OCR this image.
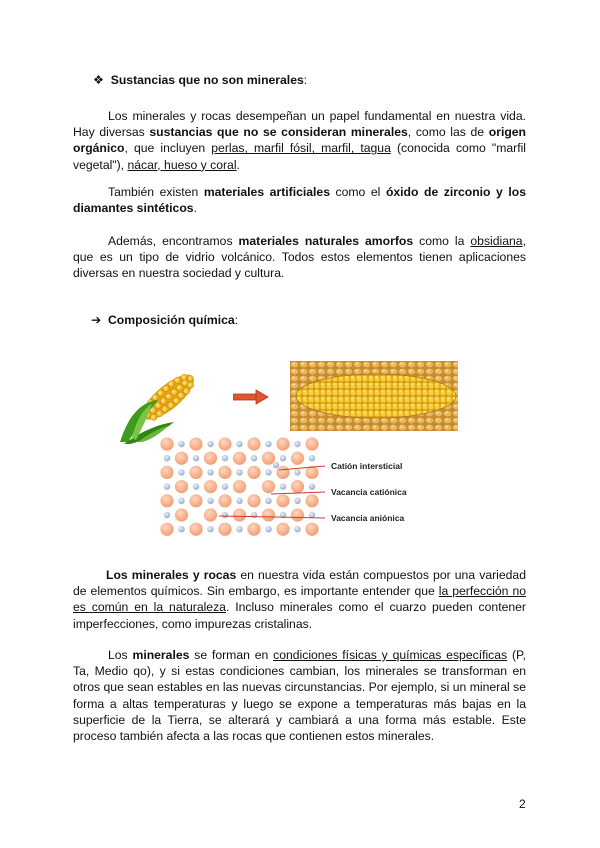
❖ Sustancias que no son minerales:
Los minerales y rocas desempeñan un papel fundamental en nuestra vida. Hay diversas sustancias que no se consideran minerales, como las de origen orgánico, que incluyen perlas, marfil fósil, marfil, tagua (conocida como "marfil vegetal"), nácar, hueso y coral.
También existen materiales artificiales como el óxido de zirconio y los diamantes sintéticos.
Además, encontramos materiales naturales amorfos como la obsidiana, que es un tipo de vidrio volcánico. Todos estos elementos tienen aplicaciones diversas en nuestra sociedad y cultura.
➔ Composición química:
Catión intersticial
Vacancia catiónica
Vacancia aniónica
Los minerales y rocas en nuestra vida están compuestos por una variedad de elementos químicos. Sin embargo, es importante entender que la perfección no es común en la naturaleza. Incluso minerales como el cuarzo pueden contener imperfecciones, como impurezas cristalinas.
Los minerales se forman en condiciones físicas y químicas específicas (P, Ta, Medio qo), y si estas condiciones cambian, los minerales se transforman en otros que sean estables en las nuevas circunstancias. Por ejemplo, si un mineral se forma a altas temperaturas y luego se expone a temperaturas más bajas en la superficie de la Tierra, se alterará y cambiará a una forma más estable. Este proceso también afecta a las rocas que contienen estos minerales.
2
